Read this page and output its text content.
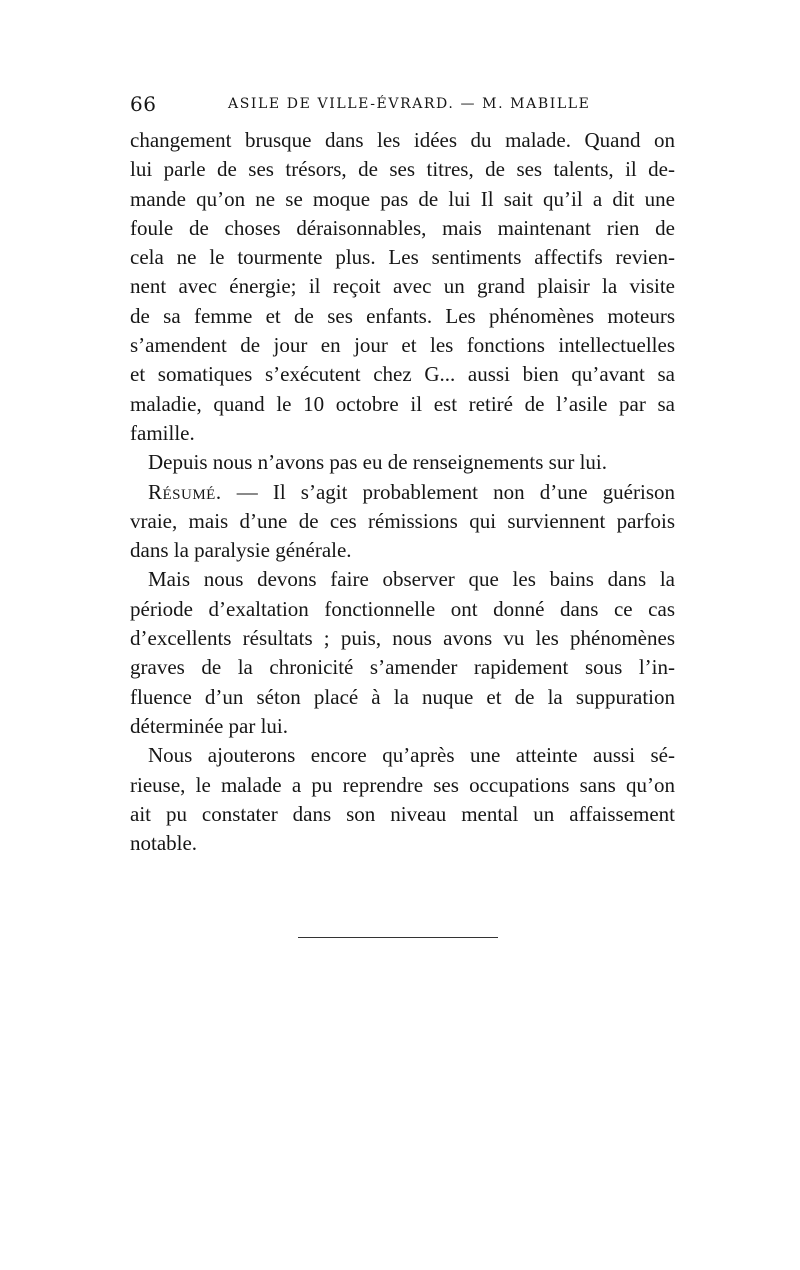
66	ASILE DE VILLE-ÉVRARD. — M. MABILLE
changement brusque dans les idées du malade. Quand on
lui parle de ses trésors, de ses titres, de ses talents, il de-
mande qu’on ne se moque pas de lui Il sait qu’il a dit une
foule de choses déraisonnables, mais maintenant rien de
cela ne le tourmente plus. Les sentiments affectifs revien-
nent avec énergie; il reçoit avec un grand plaisir la visite
de sa femme et de ses enfants. Les phénomènes moteurs
s’amendent de jour en jour et les fonctions intellectuelles
et somatiques s’exécutent chez G... aussi bien qu’avant sa
maladie, quand le 10 octobre il est retiré de l’asile par sa
famille.
Depuis nous n’avons pas eu de renseignements sur lui.
Résumé. — Il s’agit probablement non d’une guérison
vraie, mais d’une de ces rémissions qui surviennent parfois
dans la paralysie générale.
Mais nous devons faire observer que les bains dans la
période d’exaltation fonctionnelle ont donné dans ce cas
d’excellents résultats ; puis, nous avons vu les phénomènes
graves de la chronicité s’amender rapidement sous l’in-
fluence d’un séton placé à la nuque et de la suppuration
déterminée par lui.
Nous ajouterons encore qu’après une atteinte aussi sé-
rieuse, le malade a pu reprendre ses occupations sans qu’on
ait pu constater dans son niveau mental un affaissement
notable.
